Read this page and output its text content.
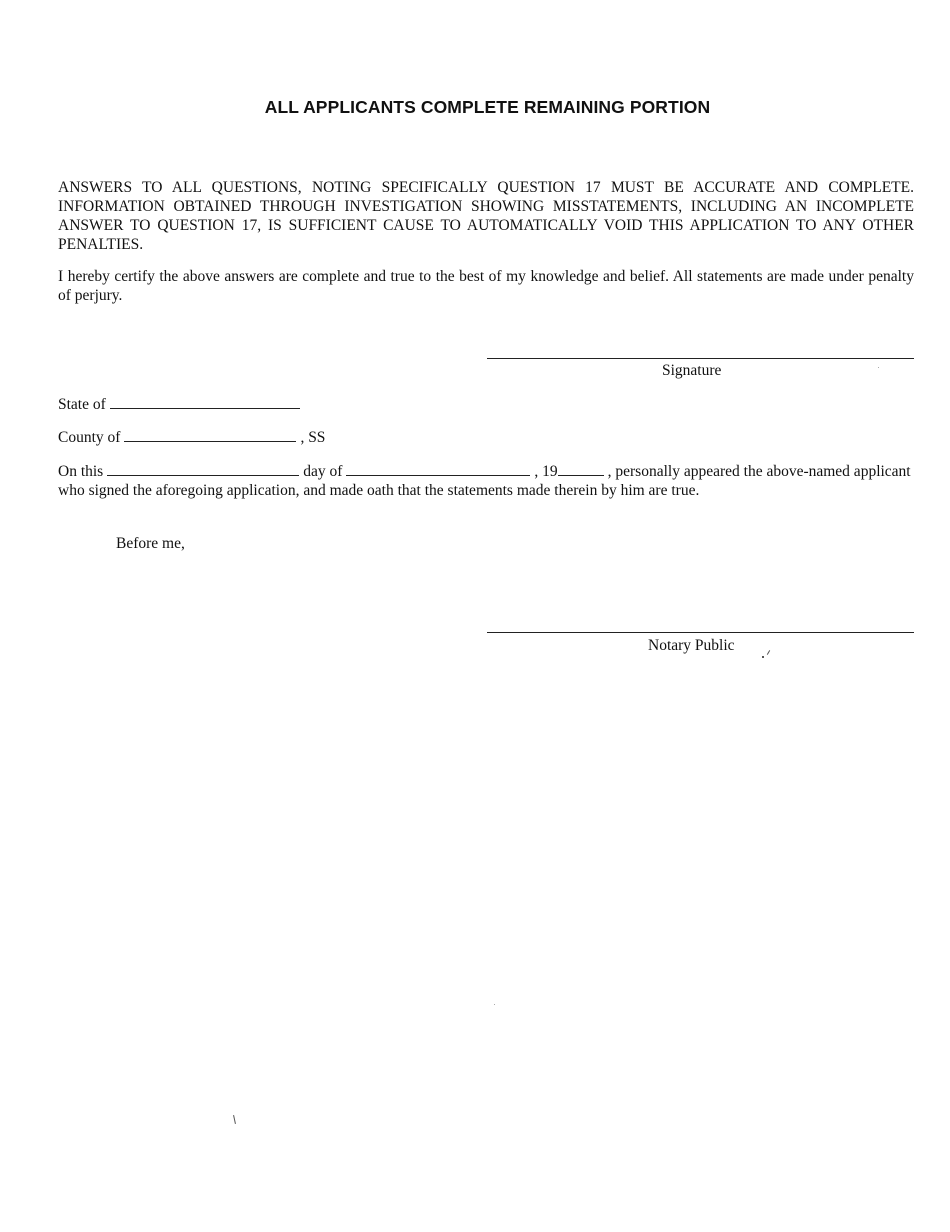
ALL APPLICANTS COMPLETE REMAINING PORTION
ANSWERS TO ALL QUESTIONS, NOTING SPECIFICALLY QUESTION 17 MUST BE ACCURATE AND COMPLETE. INFORMATION OBTAINED THROUGH INVESTIGATION SHOWING MISSTATEMENTS, INCLUDING AN INCOMPLETE ANSWER TO QUESTION 17, IS SUFFICIENT CAUSE TO AUTOMATICALLY VOID THIS APPLICATION TO ANY OTHER PENALTIES.
I hereby certify the above answers are complete and true to the best of my knowledge and belief. All statements are made under penalty of perjury.
Signature
State of
County of	, SS
On this	day of	, 19	, personally appeared the above-named applicant who signed the aforegoing application, and made oath that the statements made therein by him are true.
Before me,
Notary Public
